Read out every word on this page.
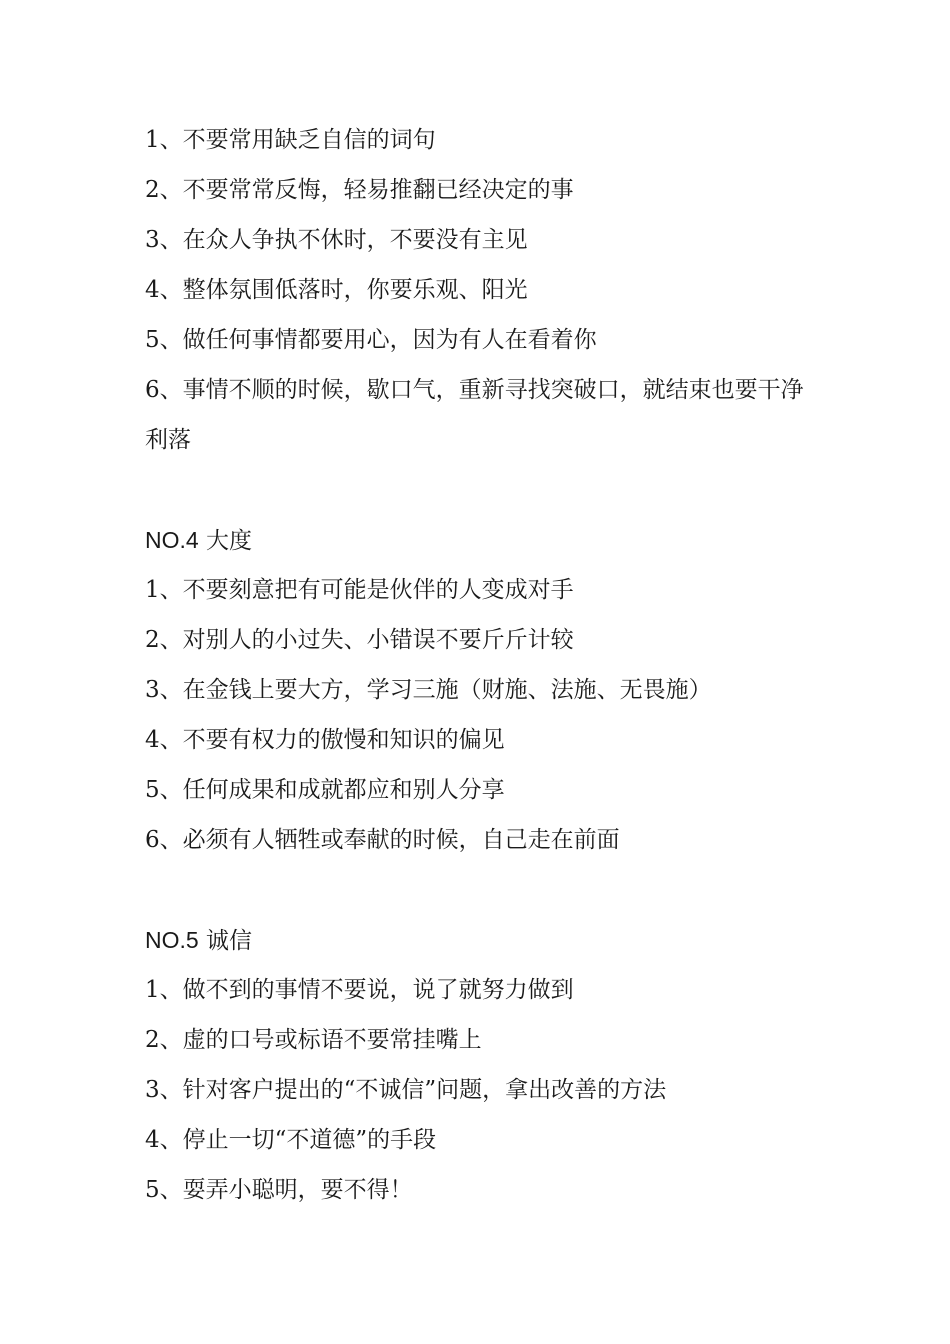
1、不要常用缺乏自信的词句
2、不要常常反悔，轻易推翻已经决定的事
3、在众人争执不休时，不要没有主见
4、整体氛围低落时，你要乐观、阳光
5、做任何事情都要用心，因为有人在看着你
6、事情不顺的时候，歇口气，重新寻找突破口，就结束也要干净利落
NO.4 大度
1、不要刻意把有可能是伙伴的人变成对手
2、对别人的小过失、小错误不要斤斤计较
3、在金钱上要大方，学习三施（财施、法施、无畏施）
4、不要有权力的傲慢和知识的偏见
5、任何成果和成就都应和别人分享
6、必须有人牺牲或奉献的时候，自己走在前面
NO.5 诚信
1、做不到的事情不要说，说了就努力做到
2、虚的口号或标语不要常挂嘴上
3、针对客户提出的“不诚信”问题，拿出改善的方法
4、停止一切“不道德”的手段
5、耍弄小聪明，要不得！
